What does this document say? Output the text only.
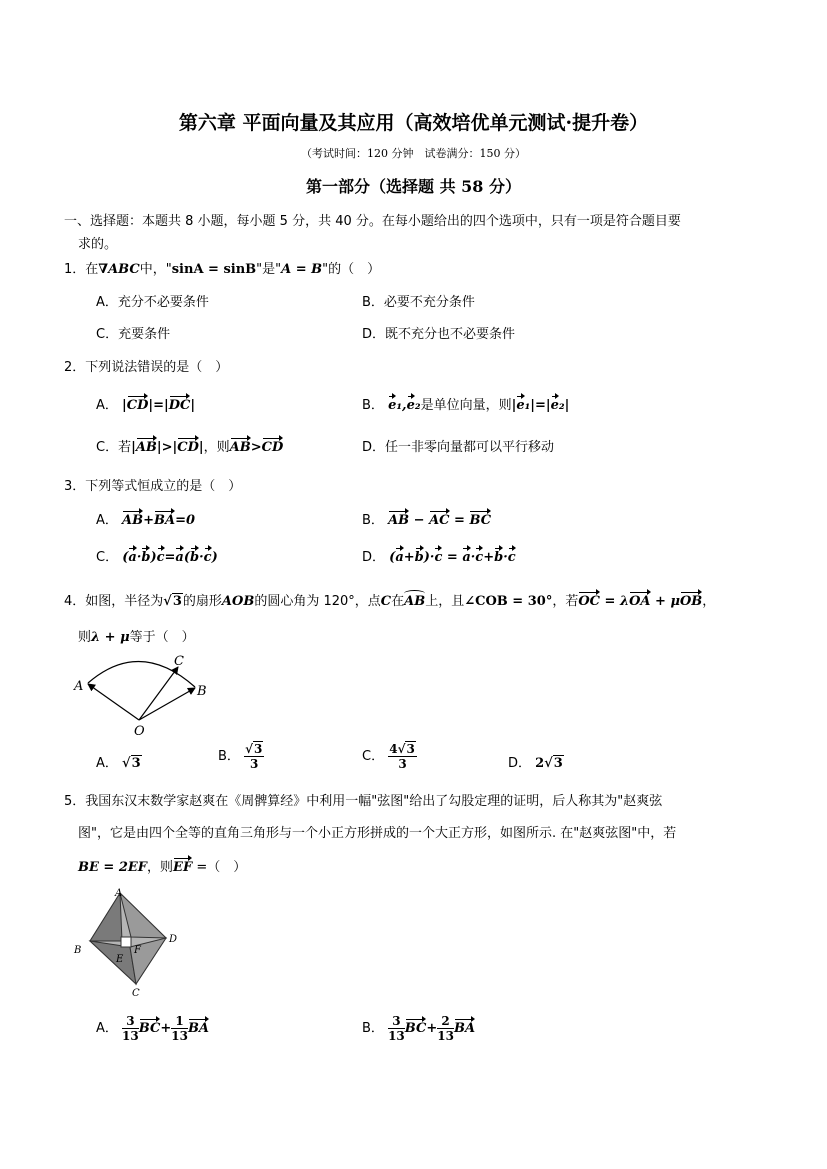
第六章 平面向量及其应用（高效培优单元测试·提升卷）
（考试时间：120 分钟　试卷满分：150 分）
第一部分（选择题 共 58 分）
一、选择题：本题共 8 小题，每小题 5 分，共 40 分。在每小题给出的四个选项中，只有一项是符合题目要
求的。
1．在∇ABC中，"sinA = sinB"是"A = B"的（　）
A．充分不必要条件	B．必要不充分条件
C．充要条件	D．既不充分也不必要条件
2．下列说法错误的是（　）
A． |CD|=|DC|	B． e₁,e₂是单位向量，则|e₁|=|e₂|
C．若|AB|>|CD|，则AB>CD	D．任一非零向量都可以平行移动
3．下列等式恒成立的是（　）
A． AB+BA=0	B． AB − AC = BC
C． (a·b)c=a(b·c)	D． (a+b)·c = a·c+b·c
4．如图，半径为√3的扇形AOB的圆心角为 120°，点C在AB上，且∠COB = 30°，若OC = λOA + μOB，
则λ + μ等于（　）
A
C
B
O
A． √3	B． $\frac{√3}{3}$	C． $\frac{4√3}{3}$	D． 2√3
5．我国东汉末数学家赵爽在《周髀算经》中利用一幅"弦图"给出了勾股定理的证明，后人称其为"赵爽弦
图"，它是由四个全等的直角三角形与一个小正方形拼成的一个大正方形，如图所示. 在"赵爽弦图"中，若
BE = 2EF，则EF =（　）
A
B
D
C
E
F
A． $\frac{3}{13} BC+ \frac{1}{13}$ BA	B． $\frac{3}{13} BC+ \frac{2}{13}$ BA
